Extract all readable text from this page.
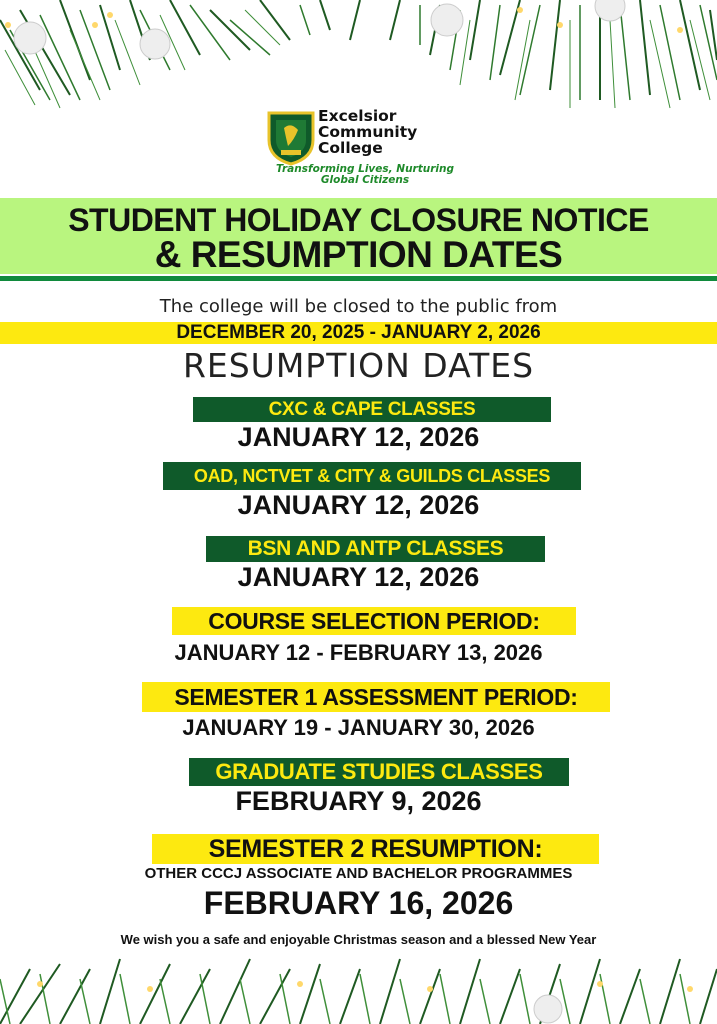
Excelsior
Community
College
Transforming Lives, Nurturing
Global Citizens
STUDENT HOLIDAY CLOSURE NOTICE
& RESUMPTION DATES
The college will be closed to the public from
DECEMBER 20, 2025 - JANUARY 2, 2026
RESUMPTION DATES
CXC & CAPE CLASSES
JANUARY 12, 2026
OAD, NCTVET & CITY & GUILDS CLASSES
JANUARY 12, 2026
BSN AND ANTP CLASSES
JANUARY 12, 2026
COURSE SELECTION PERIOD:
JANUARY 12 - FEBRUARY 13, 2026
SEMESTER 1 ASSESSMENT PERIOD:
JANUARY 19 - JANUARY 30, 2026
GRADUATE STUDIES CLASSES
FEBRUARY 9, 2026
SEMESTER 2 RESUMPTION:
OTHER CCCJ ASSOCIATE AND BACHELOR PROGRAMMES
FEBRUARY 16, 2026
We wish you a safe and enjoyable Christmas season and a blessed New Year
